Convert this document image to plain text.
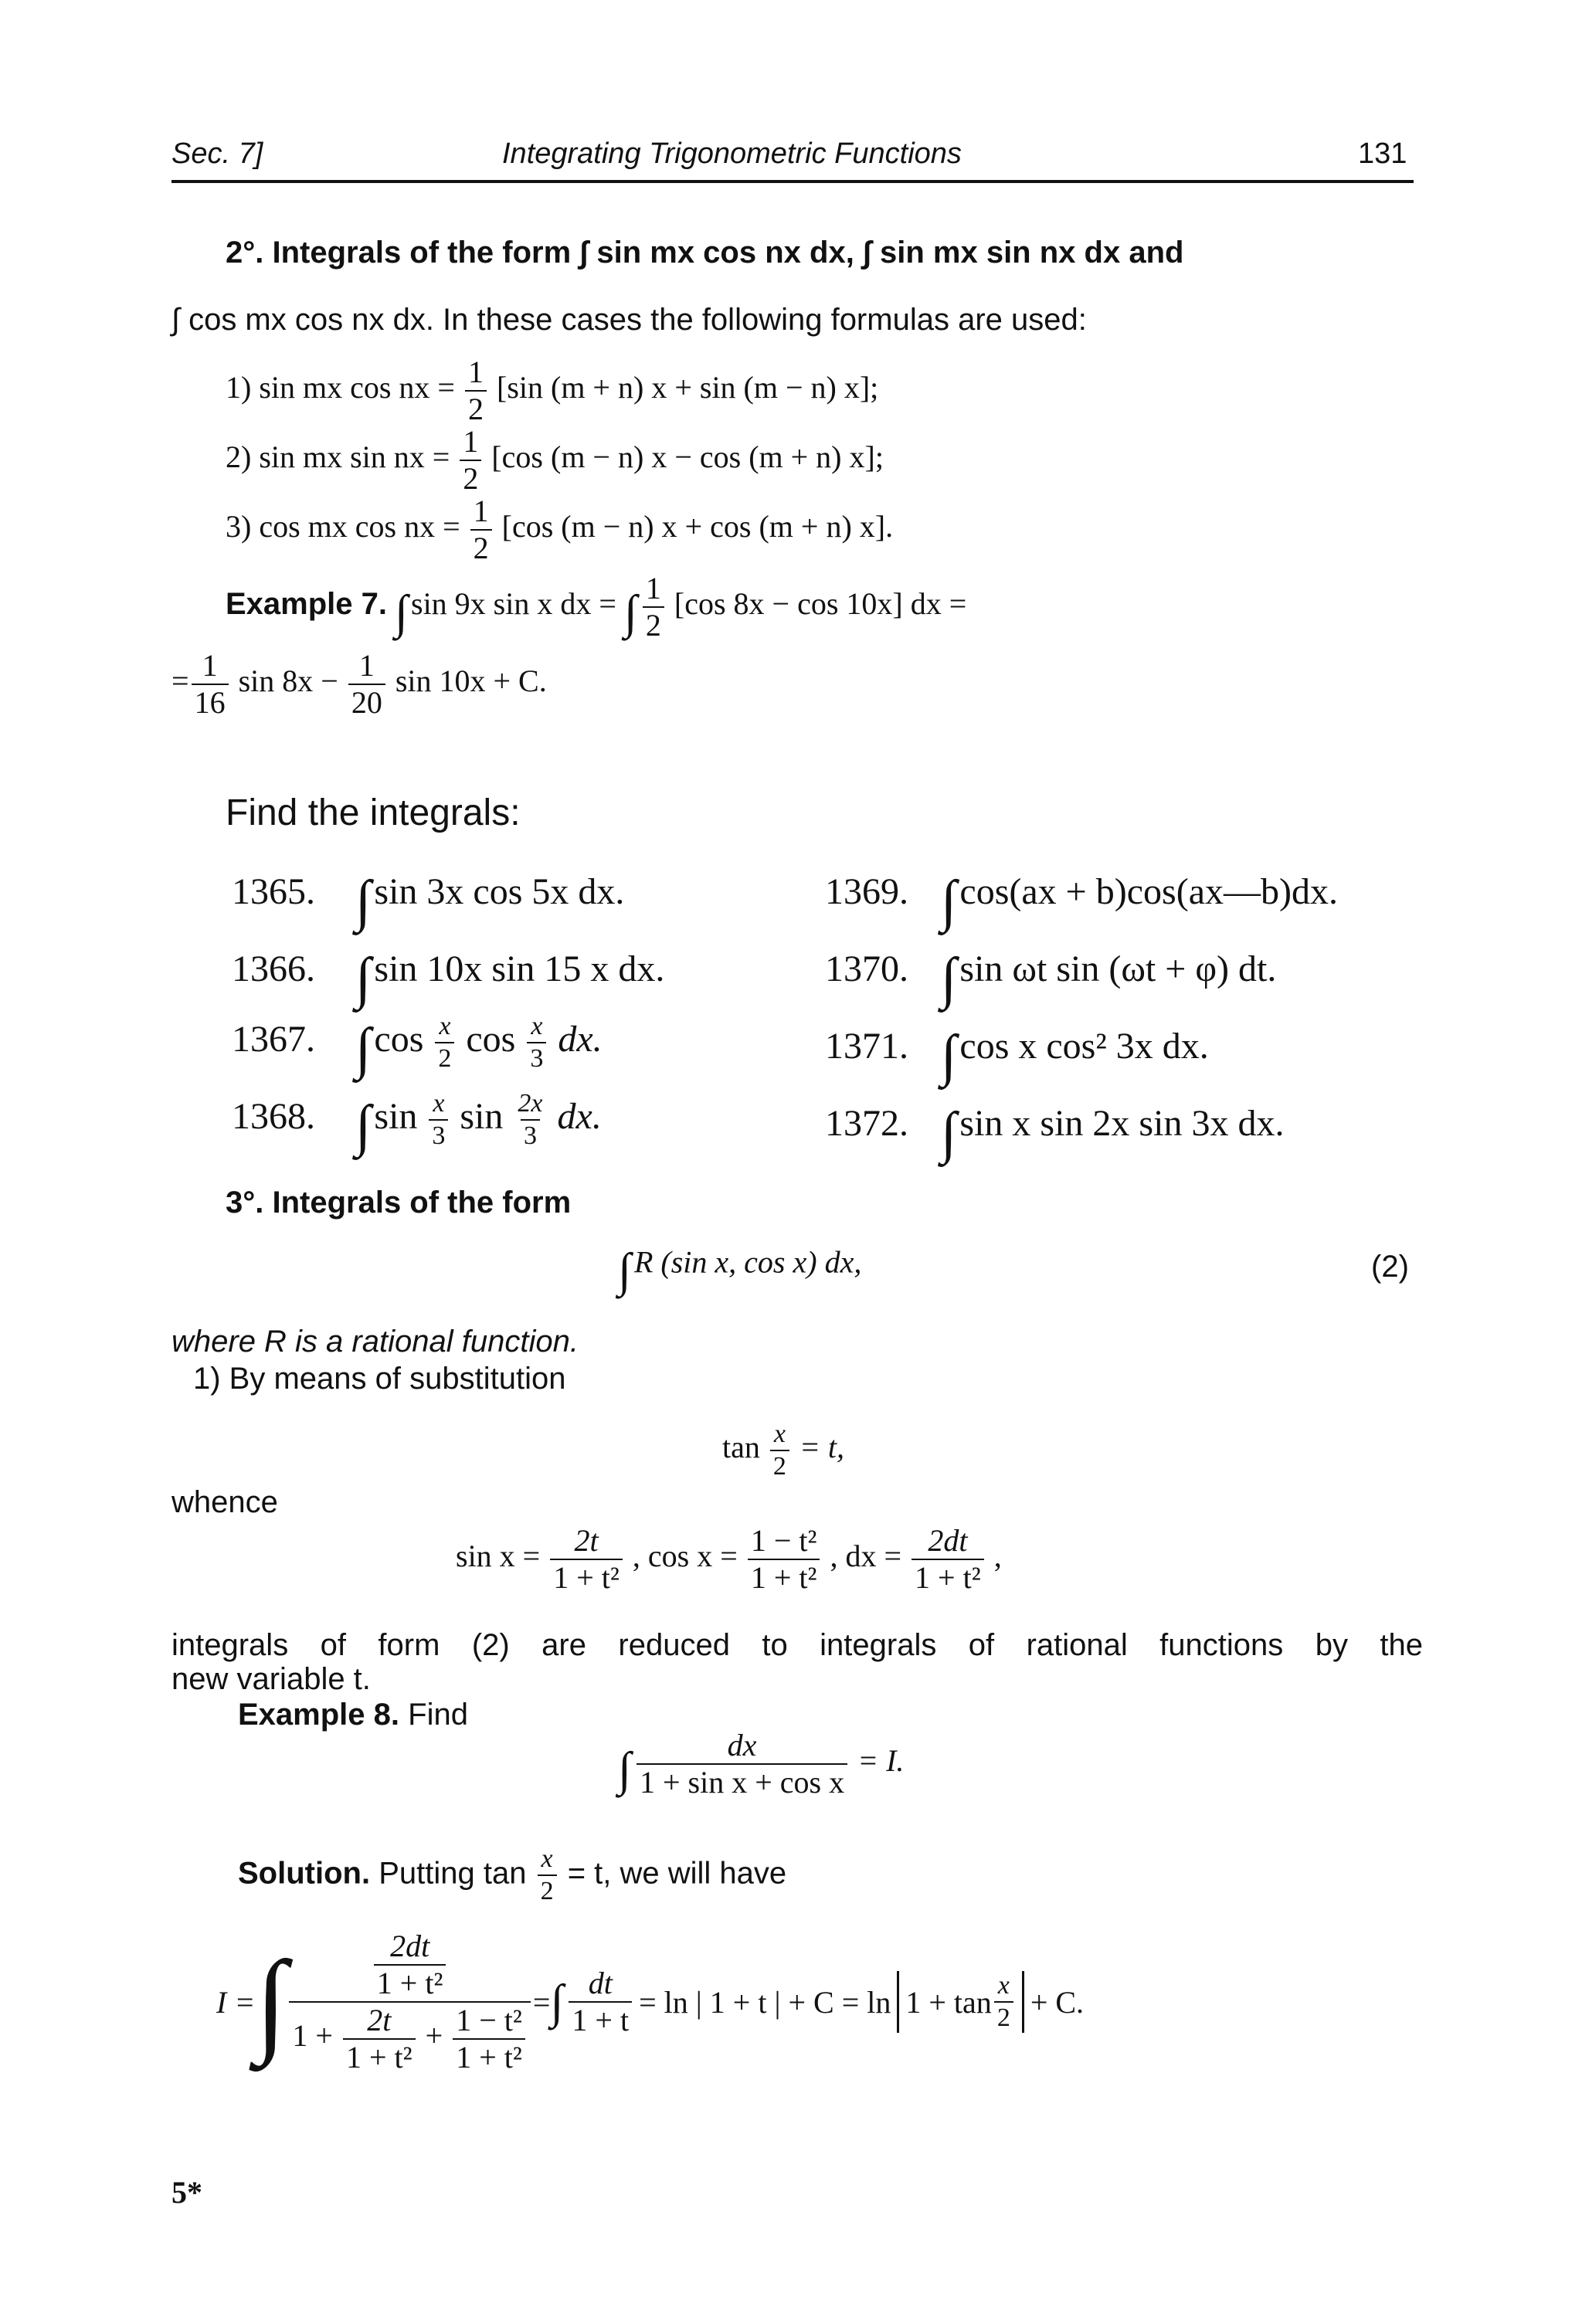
Sec. 7]	Integrating Trigonometric Functions	131
2°. Integrals of the form ∫ sin mx cos nx dx, ∫ sin mx sin nx dx and
∫ cos mx cos nx dx. In these cases the following formulas are used:
1) sin mx cos nx = $\frac{1}{2} [\sin$ (m + n) x + sin (m − n) x];
2) sin mx sin nx = $\frac{1}{2} [\cos$ (m − n) x − cos (m + n) x];
3) cos mx cos nx = $\frac{1}{2} [\cos$ (m − n) x + cos (m + n) x].
Example 7. ∫ sin 9x sin x dx = ∫ $\frac{1}{2} [\cos$ 8x − cos 10x] dx =
= $\frac{1}{16}$ $\sin 8x - \frac{1}{20}$ sin 10x + C.
Find the integrals:
1365. ∫sin 3x cos 5x dx.
1366. ∫sin 10x sin 15 x dx.
1367. $\int\cos \frac{x}{2}$ $\cos \frac{x}{3}$ dx.
1368. $\int\sin \frac{x}{3}$ $\sin \frac{2x}{3}$ dx.
1369. ∫cos(ax + b)cos(ax—b)dx.
1370. ∫sin ωt sin (ωt + φ) dt.
1371. ∫cos x cos² 3x dx.
1372. ∫sin x sin 2x sin 3x dx.
3°. Integrals of the form
∫ R (sin x, cos x) dx,	(2)
where R is a rational function.
1) By means of substitution
$\tan \frac{x}{2} = t$,
whence
$\sin x = \frac{2t}{\text{1 + t²}}$ , $\cos x = \frac{\text{1 − t²}}{\text{1 + t²}}$ , dx = $\frac{2dt}{\text{1 + t²}}$ ,
integrals of form (2) are reduced to integrals of rational functions by the
new variable t.
Example 8. Find
∫ $\frac{dx}{\text{1 + sin x + cos x}} = I$.
Solution. Putting $\tan \frac{x}{2} = t$, we will have
I = ∫ $\frac{\frac{2dt}{\text{1 + t²}}}{1 + \frac{2t}{\text{1 + t²}} + \frac{\text{1 − t²}}{\text{1 + t²}}}$ = ∫ $\frac{dt}{1 + t} = \ln$ | 1 + t | + $C = \ln 1 + \tan \frac{x}{2} + C$.
5*
